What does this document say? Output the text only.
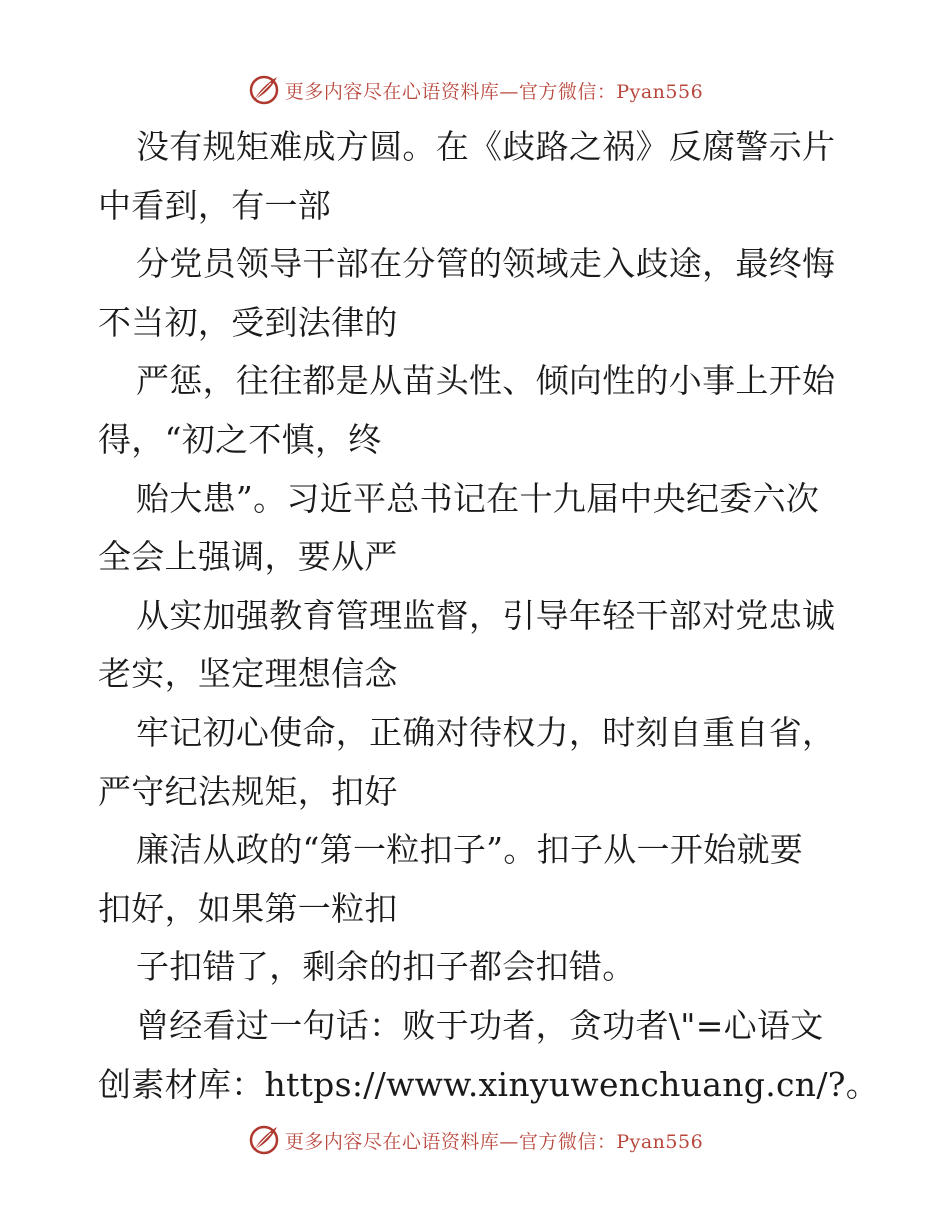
更多内容尽在心语资料库—官方微信：Pyan556
没有规矩难成方圆。在《歧路之祸》反腐警示片
中看到，有一部
分党员领导干部在分管的领域走入歧途，最终悔
不当初，受到法律的
严惩，往往都是从苗头性、倾向性的小事上开始
得，“初之不慎，终
贻大患”。习近平总书记在十九届中央纪委六次
全会上强调，要从严
从实加强教育管理监督，引导年轻干部对党忠诚
老实，坚定理想信念
牢记初心使命，正确对待权力，时刻自重自省，
严守纪法规矩，扣好
廉洁从政的“第一粒扣子”。扣子从一开始就要
扣好，如果第一粒扣
子扣错了，剩余的扣子都会扣错。
曾经看过一句话：败于功者，贪功者\"=心语文
创素材库：https://www.xinyuwenchuang.cn/?。
更多内容尽在心语资料库—官方微信：Pyan556
